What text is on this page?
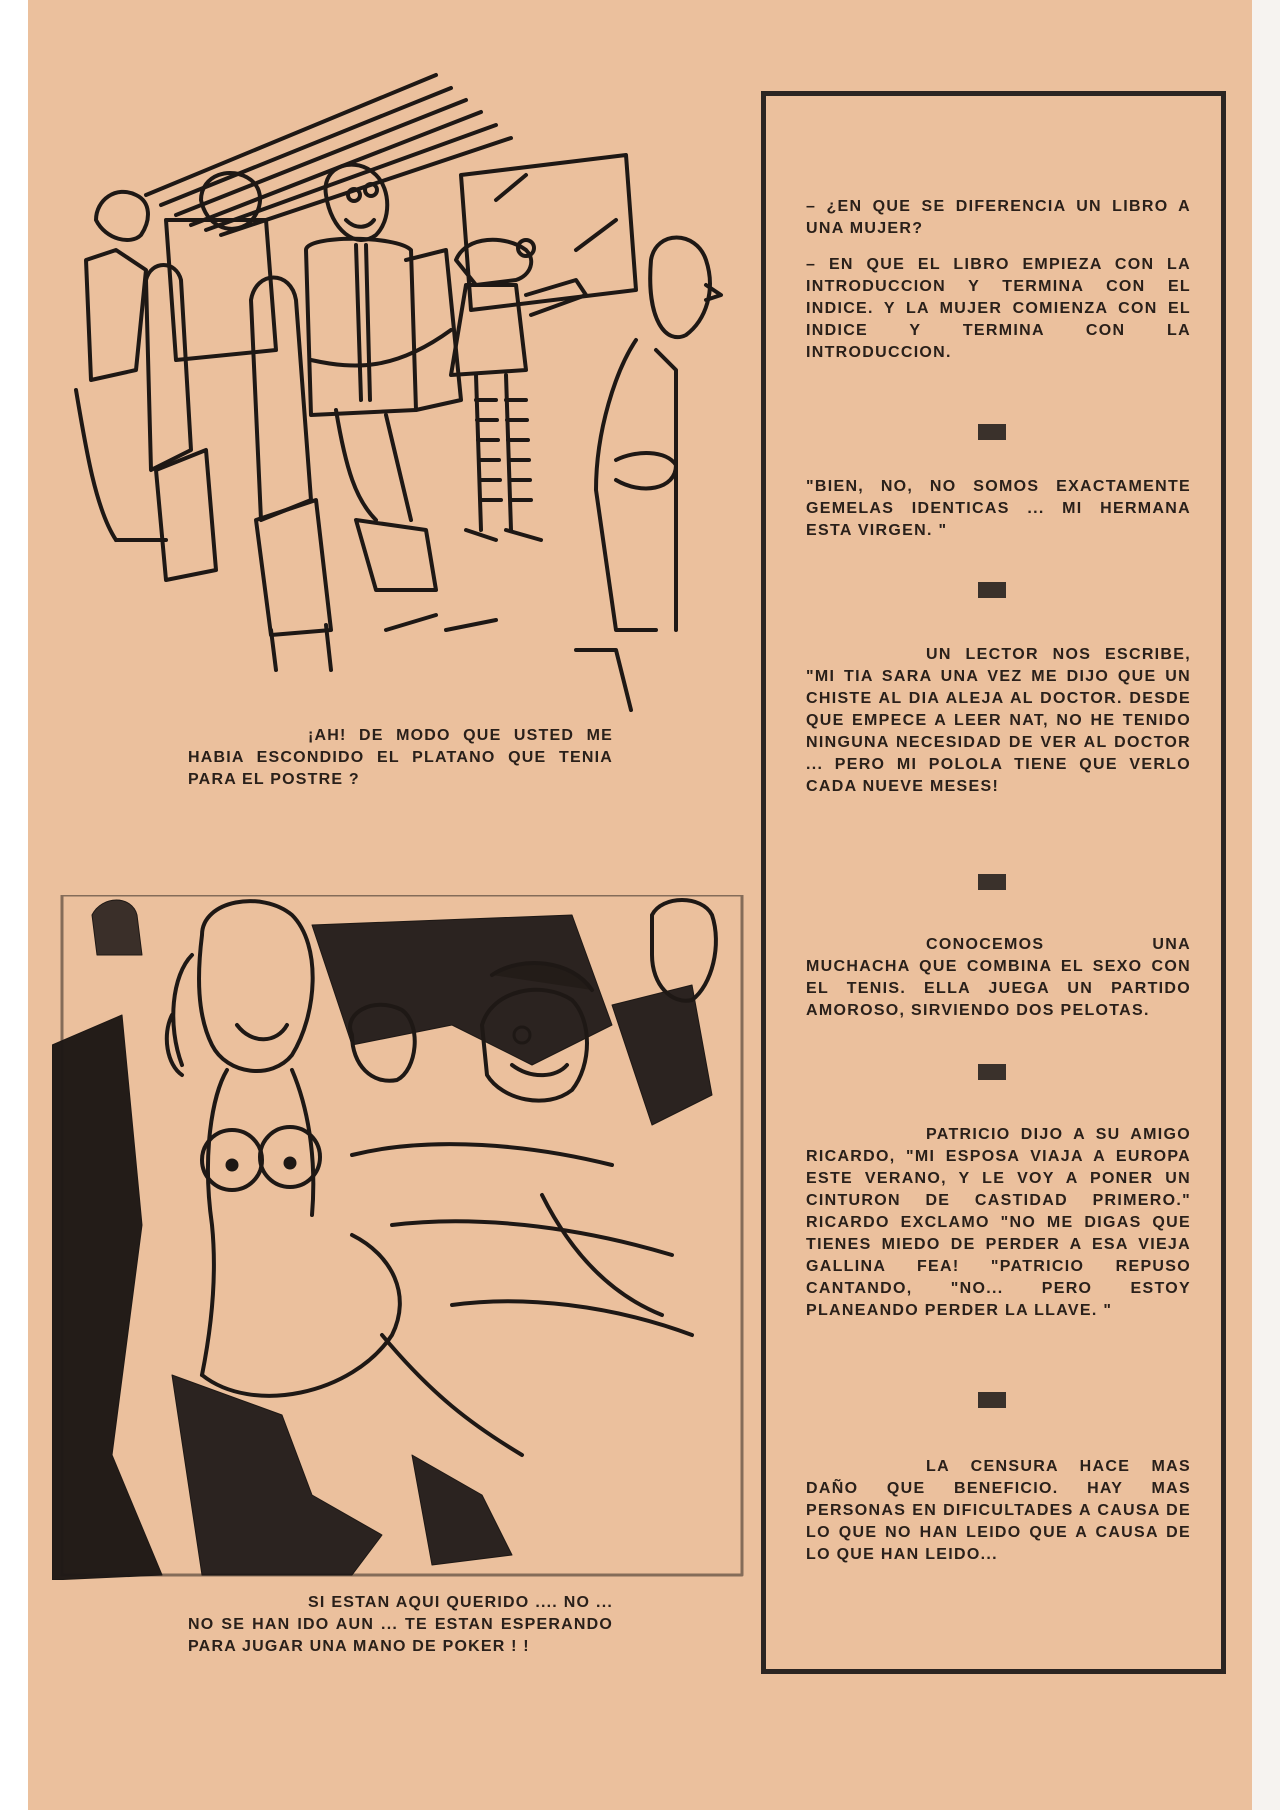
¡AH! DE MODO QUE USTED ME HABIA ESCONDIDO EL PLATANO QUE TENIA PARA EL POSTRE ?
SI ESTAN AQUI QUERIDO .... NO ... NO SE HAN IDO AUN ... TE ESTAN ESPERANDO PARA JUGAR UNA MANO DE POKER ! !

– ¿EN QUE SE DIFERENCIA UN LIBRO A UNA MUJER?

– EN QUE EL LIBRO EMPIEZA CON LA INTRODUCCION Y TERMINA CON EL INDICE. Y LA MUJER COMIENZA CON EL INDICE Y TERMINA CON LA INTRODUCCION.

"BIEN, NO, NO SOMOS EXACTAMENTE GEMELAS IDENTICAS ... MI HERMANA ESTA VIRGEN. "

UN LECTOR NOS ESCRIBE, "MI TIA SARA UNA VEZ ME DIJO QUE UN CHISTE AL DIA ALEJA AL DOCTOR. DESDE QUE EMPECE A LEER NAT, NO HE TENIDO NINGUNA NECESIDAD DE VER AL DOCTOR ... PERO MI POLOLA TIENE QUE VERLO CADA NUEVE MESES!

CONOCEMOS UNA MUCHACHA QUE COMBINA EL SEXO CON EL TENIS. ELLA JUEGA UN PARTIDO AMOROSO, SIRVIENDO DOS PELOTAS.

PATRICIO DIJO A SU AMIGO RICARDO, "MI ESPOSA VIAJA A EUROPA ESTE VERANO, Y LE VOY A PONER UN CINTURON DE CASTIDAD PRIMERO." RICARDO EXCLAMO "NO ME DIGAS QUE TIENES MIEDO DE PERDER A ESA VIEJA GALLINA FEA! "PATRICIO REPUSO CANTANDO, "NO... PERO ESTOY PLANEANDO PERDER LA LLAVE. "

LA CENSURA HACE MAS DAÑO QUE BENEFICIO. HAY MAS PERSONAS EN DIFICULTADES A CAUSA DE LO QUE NO HAN LEIDO QUE A CAUSA DE LO QUE HAN LEIDO...
